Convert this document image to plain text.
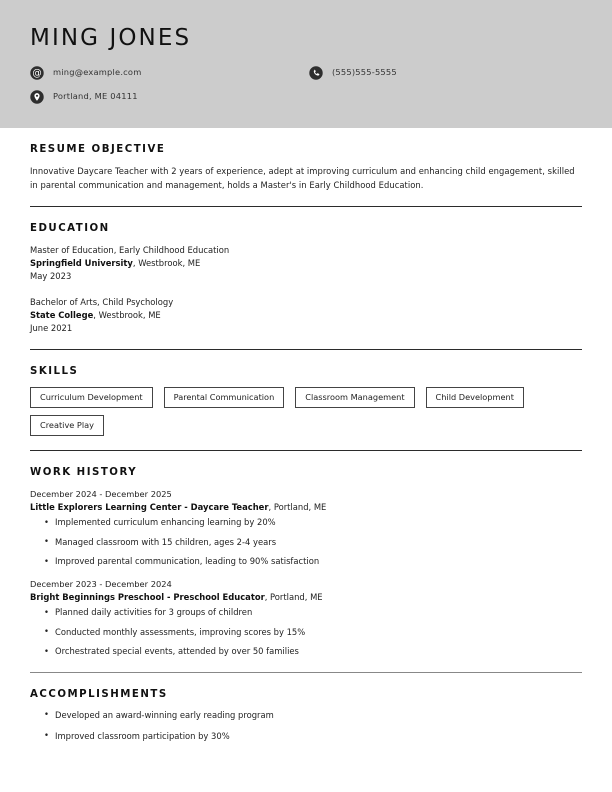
MING JONES
@ ming@example.com
Portland, ME 04111
(555)555-5555
RESUME OBJECTIVE

Innovative Daycare Teacher with 2 years of experience, adept at improving curriculum and enhancing child engagement, skilled in parental communication and management, holds a Master's in Early Childhood Education.

EDUCATION

Master of Education, Early Childhood Education

Springfield University, Westbrook, ME

May 2023

Bachelor of Arts, Child Psychology

State College, Westbrook, ME

June 2021

SKILLS
Curriculum Development	Parental Communication	Classroom Management	Child Development
Creative Play
WORK HISTORY

December 2024 - December 2025

Little Explorers Learning Center - Daycare Teacher, Portland, ME

• Implemented curriculum enhancing learning by 20%
• Managed classroom with 15 children, ages 2-4 years
• Improved parental communication, leading to 90% satisfaction

December 2023 - December 2024

Bright Beginnings Preschool - Preschool Educator, Portland, ME

• Planned daily activities for 3 groups of children
• Conducted monthly assessments, improving scores by 15%
• Orchestrated special events, attended by over 50 families
ACCOMPLISHMENTS
• Developed an award-winning early reading program
• Improved classroom participation by 30%
